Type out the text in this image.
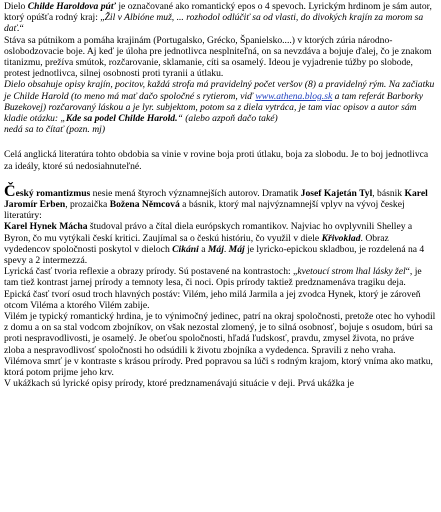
Dielo Childe Haroldova púť je označované ako romantický epos o 4 spevoch. Lyrickým hrdinom je sám autor, ktorý opúšťa rodný kraj: „Žil v Albióne muž, ... rozhodol odlúčiť sa od vlasti, do divokých krajín za morom sa dať.“
Stáva sa pútnikom a pomáha krajinám (Portugalsko, Grécko, Španielsko....) v ktorých zúria národno-oslobodzovacie boje. Aj keď je úloha pre jednotlivca nesplniteľná, on sa nevzdáva a bojuje ďalej, čo je znakom titanizmu, prežíva smútok, rozčarovanie, sklamanie, cíti sa osamelý. Ideou je vyjadrenie túžby po slobode, protest jednotlivca, silnej osobnosti proti tyranii a útlaku.
Dielo obsahuje opisy krajín, pocitov, každá strofa má pravidelný počet veršov (8) a pravidelný rým. Na začiatku je Childe Harold (to meno má mať dačo spoločné s rytierom, viď www.athena.blog.sk a tam referát Barborky Buzekovej) rozčarovaný láskou a je lyr. subjektom, potom sa z diela vytráca, je tam viac opisov a autor sám kladie otázku: „Kde sa podel Childe Harold.“ (alebo azpoň dačo také)
nedá sa to čítať (pozn. mj)

Celá anglická literatúra tohto obdobia sa vinie v rovine boja proti útlaku, boja za slobodu. Je to boj jednotlivca za ideály, ktoré sú nedosiahnuteľné.

Český romantizmus nesie mená štyroch významnejších autorov. Dramatik Josef Kajetán Tyl, básnik Karel Jaromír Erben, prozaička Božena Němcová a básnik, ktorý mal najvýznamnejší vplyv na vývoj českej literatúry:

Karel Hynek Mácha študoval právo a čítal diela európskych romantikov. Najviac ho ovplyvnili Shelley a Byron, čo mu vytýkali českí kritici. Zaujímal sa o českú históriu, čo využil v diele Křivoklad. Obraz vydedencov spoločnosti poskytol v dieloch Cikáni a Máj. Máj je lyricko-epickou skladbou, je rozdelená na 4 spevy a 2 intermezzá.
Lyrická časť tvoria reflexie a obrazy prírody. Sú postavené na kontrastoch: „kvetoucí strom lhal lásky žel“, je tam tiež kontrast jarnej prírody a temnoty lesa, či noci. Opis prírody taktiež predznamenáva tragiku deja.
Epická časť tvorí osud troch hlavných postáv: Vilém, jeho milá Jarmila a jej zvodca Hynek, ktorý je zároveň otcom Viléma a ktorého Vilém zabije.
Vilém je typický romantický hrdina, je to výnimočný jedinec, patrí na okraj spoločnosti, pretože otec ho vyhodil z domu a on sa stal vodcom zbojníkov, on však nezostal zlomený, je to silná osobnosť, bojuje s osudom, búri sa proti nespravodlivosti, je osamelý. Je obeťou spoločnosti, hľadá ľudskosť, pravdu, zmysel života, no práve zloba a nespravodlivosť spoločnosti ho odsúdili k životu zbojníka a vydedenca. Spravili z neho vraha.
Vilémova smrť je v kontraste s krásou prírody. Pred popravou sa lúči s rodným krajom, ktorý vníma ako matku, ktorá potom prijme jeho krv.
V ukážkach sú lyrické opisy prírody, ktoré predznamenávajú situácie v deji. Prvá ukážka je
